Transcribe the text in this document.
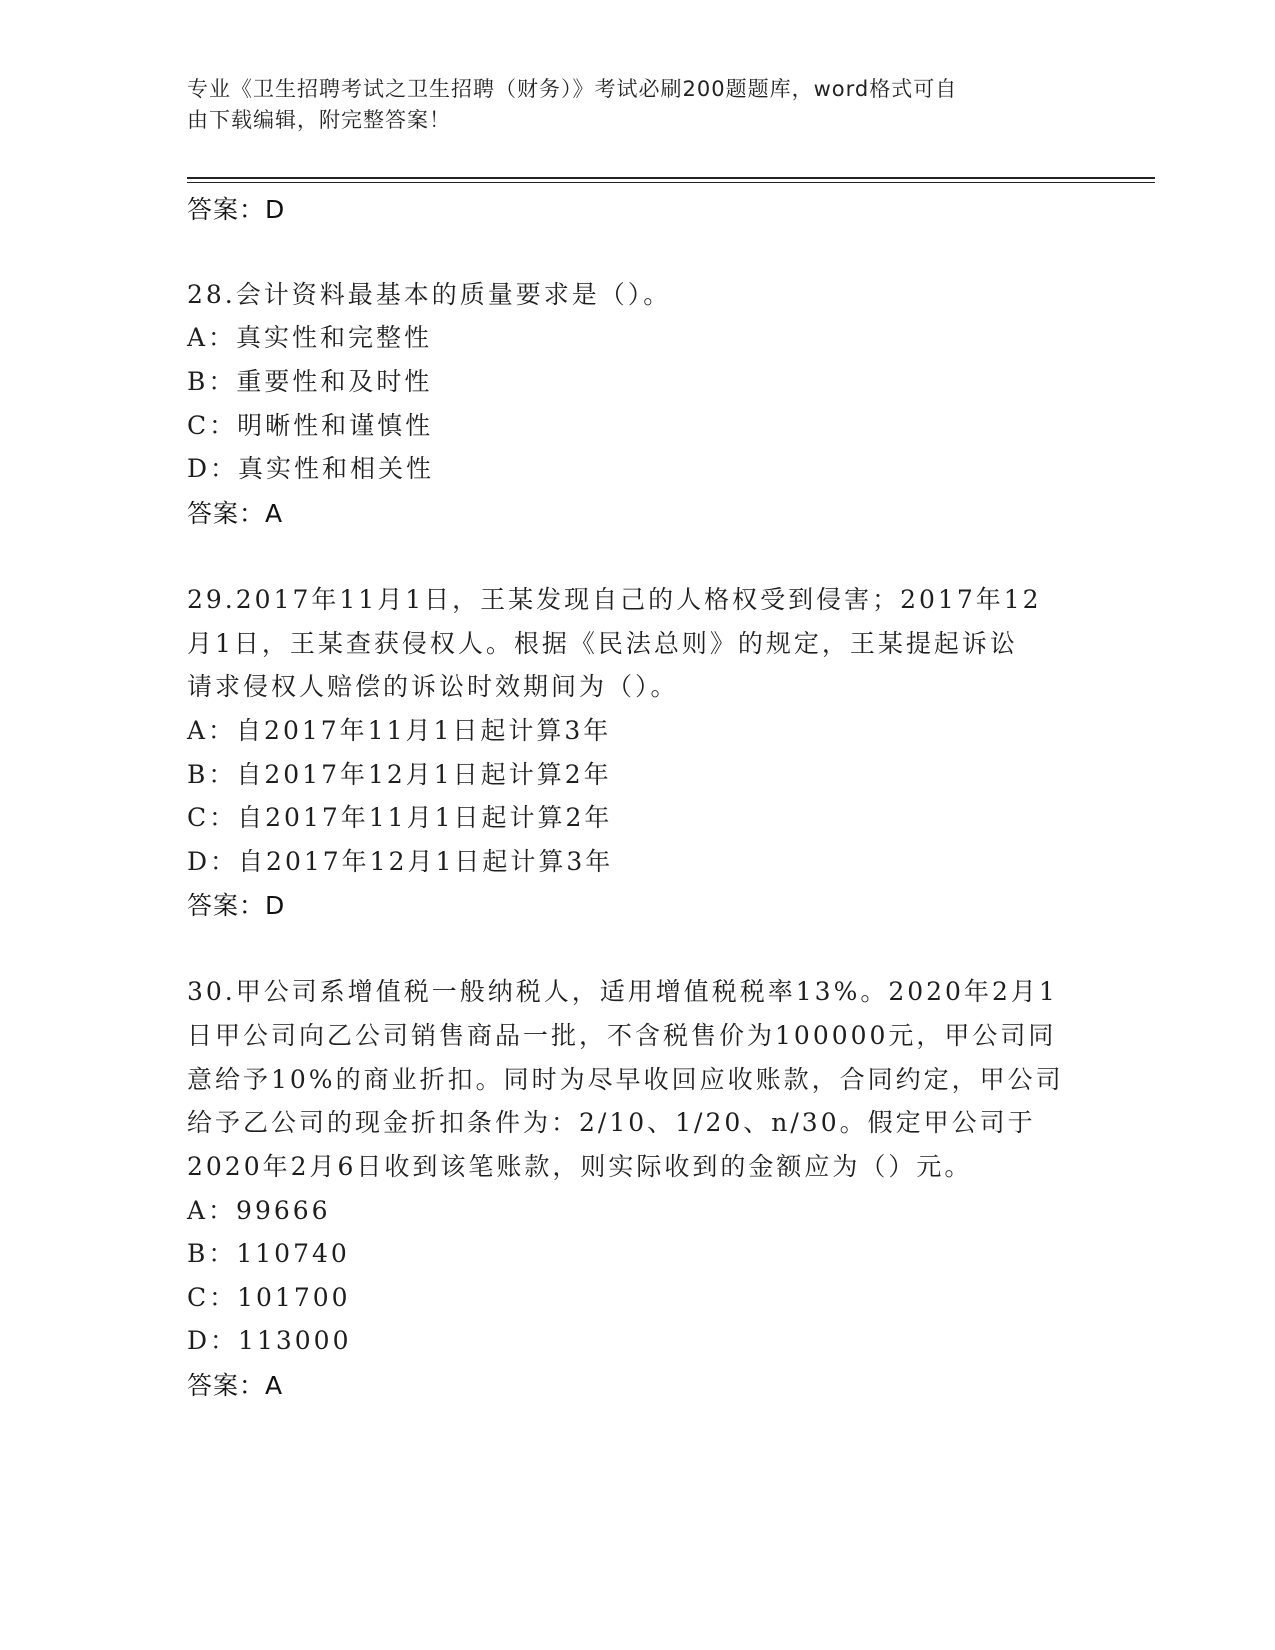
专业《卫生招聘考试之卫生招聘（财务）》考试必刷200题题库，word格式可自
由下载编辑，附完整答案！
答案：D
28.会计资料最基本的质量要求是（）。
A：真实性和完整性
B：重要性和及时性
C：明晰性和谨慎性
D：真实性和相关性
答案：A
29.2017年11月1日，王某发现自己的人格权受到侵害；2017年12
月1日，王某查获侵权人。根据《民法总则》的规定，王某提起诉讼
请求侵权人赔偿的诉讼时效期间为（）。
A：自2017年11月1日起计算3年
B：自2017年12月1日起计算2年
C：自2017年11月1日起计算2年
D：自2017年12月1日起计算3年
答案：D
30.甲公司系增值税一般纳税人，适用增值税税率13%。2020年2月1
日甲公司向乙公司销售商品一批，不含税售价为100000元，甲公司同
意给予10%的商业折扣。同时为尽早收回应收账款，合同约定，甲公司
给予乙公司的现金折扣条件为：2/10、1/20、n/30。假定甲公司于
2020年2月6日收到该笔账款，则实际收到的金额应为（）元。
A：99666
B：110740
C：101700
D：113000
答案：A
